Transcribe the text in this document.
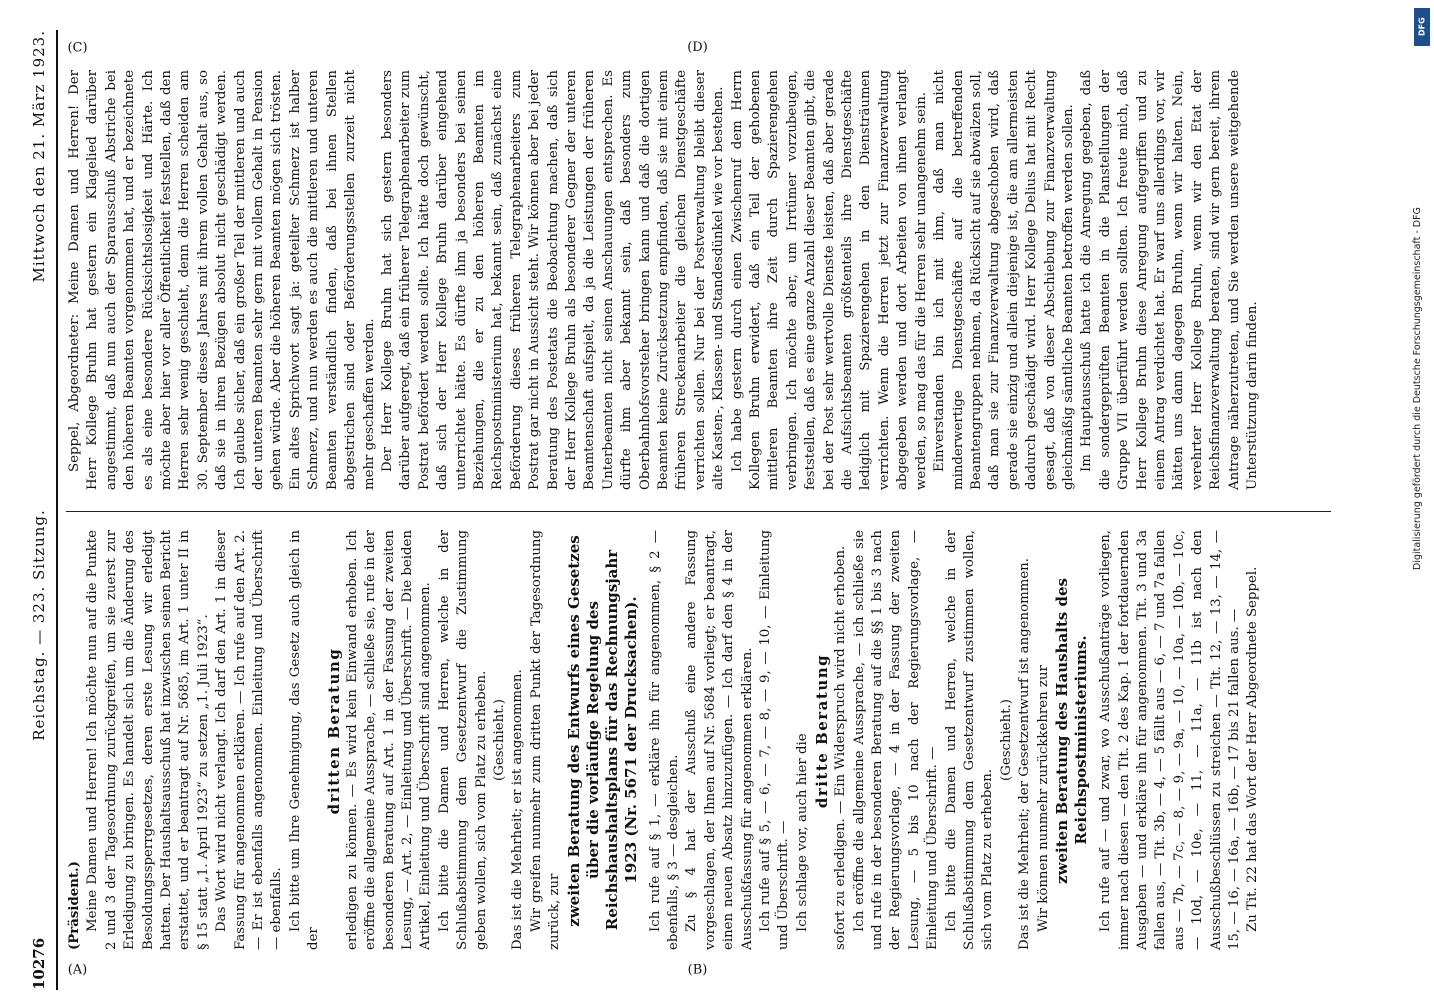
10276
Reichstag. — 323. Sitzung.
Mittwoch den 21. März 1923.

(Präsident.) Meine Damen und Herren! Ich möchte nun auf die Punkte 2 und 3 der Tagesordnung zurückgreifen, um sie zuerst zur Erledigung zu bringen. Es handelt sich um die Änderung des Besoldungssperrgesetzes, deren erste Lesung wir erledigt hatten. Der Haushaltsausschuß hat inzwischen seinen Bericht erstattet, und er beantragt auf Nr. 5685, im Art. 1 unter II in § 15 statt „1. April 1923“ zu setzen „1. Juli 1923“. Das Wort wird nicht verlangt. Ich darf den Art. 1 in dieser Fassung für angenommen erklären. — Ich rufe auf den Art. 2. — Er ist ebenfalls angenommen. Einleitung und Überschrift — ebenfalls. Ich bitte um Ihre Genehmigung, das Gesetz auch gleich in der

dritten Beratung erledigen zu können. — Es wird kein Einwand erhoben. Ich eröffne die allgemeine Aussprache, — schließe sie, rufe in der besonderen Beratung auf Art. 1 in der Fassung der zweiten Lesung, — Art. 2, — Einleitung und Überschrift. — Die beiden Artikel, Einleitung und Überschrift sind angenommen. Ich bitte die Damen und Herren, welche in der Schlußabstimmung dem Gesetzentwurf die Zustimmung geben wollen, sich vom Platz zu erheben. (Geschieht.) Das ist die Mehrheit; er ist angenommen. Wir greifen nunmehr zum dritten Punkt der Tagesordnung zurück, zur zweiten Beratung des Entwurfs eines Gesetzes über die vorläufige Regelung des Reichshaushaltsplans für das Rechnungsjahr 1923 (Nr. 5671 der Drucksachen). Ich rufe auf § 1, — erkläre ihn für angenommen, § 2 — ebenfalls, § 3 — desgleichen. Zu § 4 hat der Ausschuß eine andere Fassung vorgeschlagen, der Ihnen auf Nr. 5684 vorliegt; er beantragt, einen neuen Absatz hinzuzufügen. — Ich darf den § 4 in der Ausschußfassung für angenommen erklären. Ich rufe auf § 5, — 6, — 7, — 8, — 9, — 10, — Einleitung und Überschrift. — Ich schlage vor, auch hier die

dritte Beratung sofort zu erledigen. — Ein Widerspruch wird nicht erhoben. Ich eröffne die allgemeine Aussprache, — ich schließe sie und rufe in der besonderen Beratung auf die §§ 1 bis 3 nach der Regierungsvorlage, — 4 in der Fassung der zweiten Lesung, — 5 bis 10 nach der Regierungsvorlage, — Einleitung und Überschrift. — Ich bitte die Damen und Herren, welche in der Schlußabstimmung dem Gesetzentwurf zustimmen wollen, sich vom Platz zu erheben.

(Geschieht.) Das ist die Mehrheit; der Gesetzentwurf ist angenommen. Wir können nunmehr zurückkehren zur zweiten Beratung des Haushalts des Reichspostministeriums. Ich rufe auf — und zwar, wo Ausschußanträge vorliegen, immer nach diesen — den Tit. 2 des Kap. 1 der fortdauernden Ausgaben — und erkläre ihn für angenommen. Tit. 3 und 3a fallen aus, — Tit. 3b, — 4, — 5 fällt aus — 6, — 7 und 7a fallen aus — 7b, — 7c, — 8, — 9, — 9a, — 10, — 10a, — 10b, — 10c, — 10d, — 10e, — 11, — 11a, — 11b ist nach den Ausschußbeschlüssen zu streichen — Tit. 12, — 13, — 14, — 15, — 16, — 16a, — 16b, — 17 bis 21 fallen aus. — Zu Tit. 22 hat das Wort der Herr Abgeordnete Seppel.

Seppel, Abgeordneter: Meine Damen und Herren! Der Herr Kollege Bruhn hat gestern ein Klagelied darüber angestimmt, daß nun auch der Sparausschuß Abstriche bei den höheren Beamten vorgenommen hat, und er bezeichnete es als eine besondere Rücksichtslosigkeit und Härte. Ich möchte aber hier vor aller Öffentlichkeit feststellen, daß den Herren sehr wenig geschieht, denn die Herren scheiden am 30. September dieses Jahres mit ihrem vollen Gehalt aus, so daß sie in ihren Bezügen absolut nicht geschädigt werden. Ich glaube sicher, daß ein großer Teil der mittleren und auch der unteren Beamten sehr gern mit vollem Gehalt in Pension gehen würde. Aber die höheren Beamten mögen sich trösten. Ein altes Sprichwort sagt ja: geteilter Schmerz ist halber Schmerz, und nun werden es auch die mittleren und unteren Beamten verständlich finden, daß bei ihnen Stellen abgestrichen sind oder Beförderungsstellen zurzeit nicht mehr geschaffen werden. Der Herr Kollege Bruhn hat sich gestern besonders darüber aufgeregt, daß ein früherer Telegraphenarbeiter zum Postrat befördert werden sollte. Ich hätte doch gewünscht, daß sich der Herr Kollege Bruhn darüber eingehend unterrichtet hätte. Es dürfte ihm ja besonders bei seinen Beziehungen, die er zu den höheren Beamten im Reichspostministerium hat, bekannt sein, daß zunächst eine Beförderung dieses früheren Telegraphenarbeiters zum Postrat gar nicht in Aussicht steht. Wir können aber bei jeder Beratung des Postetats die Beobachtung machen, daß sich der Herr Kollege Bruhn als besonderer Gegner der unteren Beamtenschaft aufspielt, da ja die Leistungen der früheren Unterbeamten nicht seinen Anschauungen entsprechen. Es dürfte ihm aber bekannt sein, daß besonders zum Oberbahnhofsvorsteher bringen kann und daß die dortigen Beamten keine Zurücksetzung empfinden, daß sie mit einem früheren Streckenarbeiter die gleichen Dienstgeschäfte verrichten sollen. Nur bei der Postverwaltung bleibt dieser alte Kasten-, Klassen- und Standesdünkel wie vor bestehen. Ich habe gestern durch einen Zwischenruf dem Herrn Kollegen Bruhn erwidert, daß ein Teil der gehobenen mittleren Beamten ihre Zeit durch Spazierengehen verbringen. Ich möchte aber, um Irrtümer vorzubeugen, feststellen, daß es eine ganze Anzahl dieser Beamten gibt, die bei der Post sehr wertvolle Dienste leisten, daß aber gerade die Aufsichtsbeamten größtenteils ihre Dienstgeschäfte lediglich mit Spazierengehen in den Diensträumen verrichten. Wenn die Herren jetzt zur Finanzverwaltung abgegeben werden und dort Arbeiten von ihnen verlangt werden, so mag das für die Herren sehr unangenehm sein. Einverstanden bin ich mit ihm, daß man nicht minderwertige Dienstgeschäfte auf die betreffenden Beamtengruppen nehmen, da Rücksicht auf sie abwälzen soll, daß man sie zur Finanzverwaltung abgeschoben wird, daß gerade sie einzig und allein diejenige ist, die am allermeisten dadurch geschädigt wird. Herr Kollege Delius hat mit Recht gesagt, daß von dieser Abschiebung zur Finanzverwaltung gleichmäßig sämtliche Beamten betroffen werden sollen. Im Hauptausschuß hatte ich die Anregung gegeben, daß die sondergeprüften Beamten in die Planstellungen der Gruppe VII überführt werden sollten. Ich freute mich, daß Herr Kollege Bruhn diese Anregung aufgegriffen und zu einem Antrag verdichtet hat. Er warf uns allerdings vor, wir hätten uns dann dagegen Bruhn, wenn wir halten. Nein, verehrter Herr Kollege Bruhn, wenn wir den Etat der Reichsfinanzverwaltung beraten, sind wir gern bereit, ihrem Antrage näherzutreten, und Sie werden unsere weitgehende Unterstützung darin finden.

(A)	(B)
(C)	(D)
DFG
Digitalisierung gefördert durch die Deutsche Forschungsgemeinschaft - DFG
